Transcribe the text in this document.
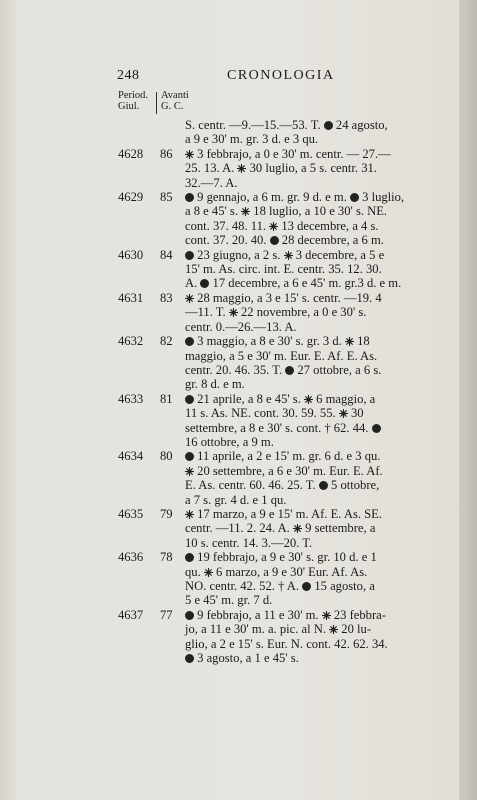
248	CRONOLOGIA
Period.
Giul.
Avanti
G. C.
S. centr. —9.—15.—53. T.  24 agosto,
a 9 e 30' m. gr. 3 d. e 3 qu.
4628	86	3 febbrajo, a 0 e 30' m. centr. — 27.—
25. 13. A.  30 luglio, a 5 s. centr. 31.
32.—7. A.
4629	85	9 gennajo, a 6 m. gr. 9 d. e m.  3 luglio,
a 8 e 45' s.  18 luglio, a 10 e 30' s. NE.
cont. 37. 48. 11.  13 decembre, a 4 s.
cont. 37. 20. 40.  28 decembre, a 6 m.
4630	84	23 giugno, a 2 s.  3 decembre, a 5 e
15' m. As. circ. int. E. centr. 35. 12. 30.
A.  17 decembre, a 6 e 45' m. gr.3 d. e m.
4631	83	28 maggio, a 3 e 15' s. centr. —19. 4
—11. T.  22 novembre, a 0 e 30' s.
centr. 0.—26.—13. A.
4632	82	3 maggio, a 8 e 30' s. gr. 3 d.  18
maggio, a 5 e 30' m. Eur. E. Af. E. As.
centr. 20. 46. 35. T.  27 ottobre, a 6 s.
gr. 8 d. e m.
4633	81	21 aprile, a 8 e 45' s.  6 maggio, a
11 s. As. NE. cont. 30. 59. 55.  30
settembre, a 8 e 30' s. cont. † 62. 44.
16 ottobre, a 9 m.
4634	80	11 aprile, a 2 e 15' m. gr. 6 d. e 3 qu.
20 settembre, a 6 e 30' m. Eur. E. Af.
E. As. centr. 60. 46. 25. T.  5 ottobre,
a 7 s. gr. 4 d. e 1 qu.
4635	79	17 marzo, a 9 e 15' m. Af. E. As. SE.
centr. —11. 2. 24. A.  9 settembre, a
10 s. centr. 14. 3.—20. T.
4636	78	19 febbrajo, a 9 e 30' s. gr. 10 d. e 1
qu.  6 marzo, a 9 e 30' Eur. Af. As.
NO. centr. 42. 52. † A.  15 agosto, a
5 e 45' m. gr. 7 d.
4637	77	9 febbrajo, a 11 e 30' m.  23 febbra-
jo, a 11 e 30' m. a. pic. al N.  20 lu-
glio, a 2 e 15' s. Eur. N. cont. 42. 62. 34.
3 agosto, a 1 e 45' s.
